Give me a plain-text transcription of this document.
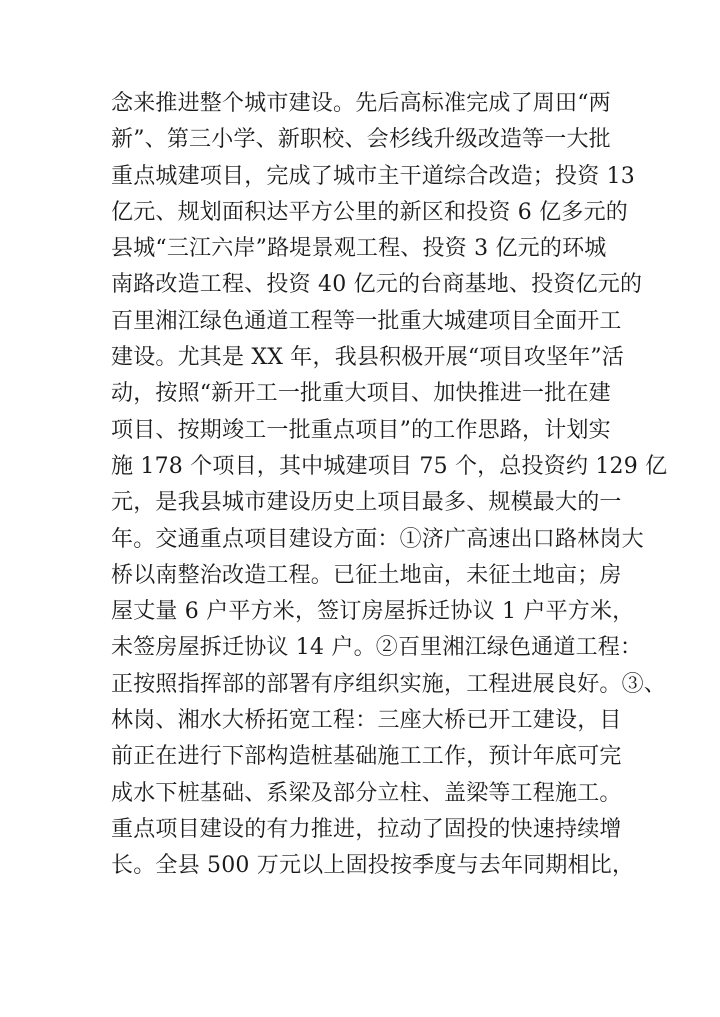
念来推进整个城市建设。先后高标准完成了周田“两
新”、第三小学、新职校、会杉线升级改造等一大批
重点城建项目，完成了城市主干道综合改造；投资 13
亿元、规划面积达平方公里的新区和投资 6 亿多元的
县城“三江六岸”路堤景观工程、投资 3 亿元的环城
南路改造工程、投资 40 亿元的台商基地、投资亿元的
百里湘江绿色通道工程等一批重大城建项目全面开工
建设。尤其是 XX 年，我县积极开展“项目攻坚年”活
动，按照“新开工一批重大项目、加快推进一批在建
项目、按期竣工一批重点项目”的工作思路，计划实
施 178 个项目，其中城建项目 75 个，总投资约 129 亿
元，是我县城市建设历史上项目最多、规模最大的一
年。交通重点项目建设方面：①济广高速出口路林岗大
桥以南整治改造工程。已征土地亩，未征土地亩；房
屋丈量 6 户平方米，签订房屋拆迁协议 1 户平方米，
未签房屋拆迁协议 14 户。②百里湘江绿色通道工程：
正按照指挥部的部署有序组织实施，工程进展良好。③、
林岗、湘水大桥拓宽工程：三座大桥已开工建设，目
前正在进行下部构造桩基础施工工作，预计年底可完
成水下桩基础、系梁及部分立柱、盖梁等工程施工。
重点项目建设的有力推进，拉动了固投的快速持续增
长。全县 500 万元以上固投按季度与去年同期相比，
